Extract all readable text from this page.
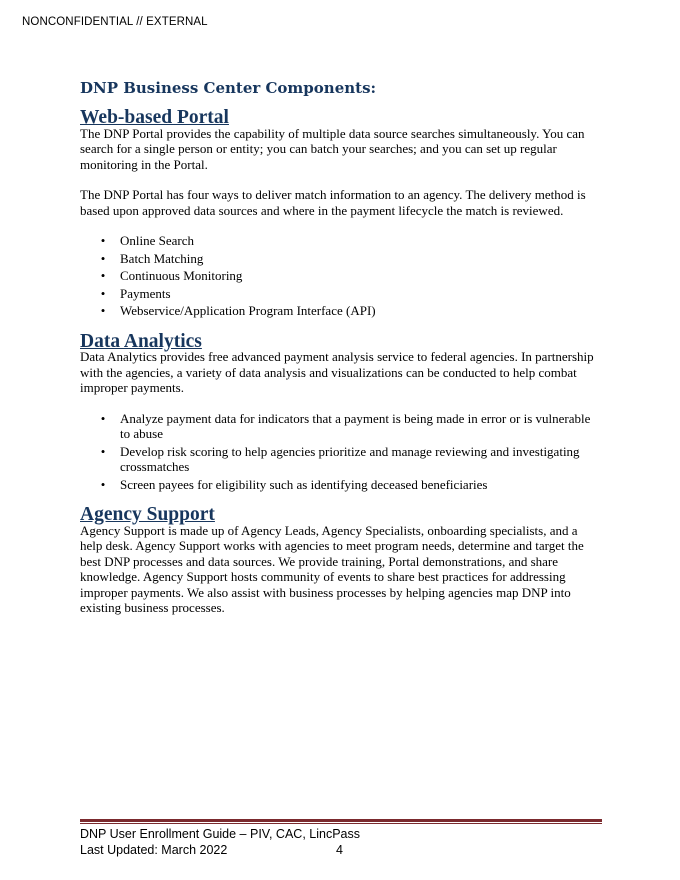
NONCONFIDENTIAL // EXTERNAL
DNP Business Center Components:
Web-based Portal

The DNP Portal provides the capability of multiple data source searches simultaneously. You can search for a single person or entity; you can batch your searches; and you can set up regular monitoring in the Portal.

The DNP Portal has four ways to deliver match information to an agency. The delivery method is based upon approved data sources and where in the payment lifecycle the match is reviewed.

• Online Search
• Batch Matching
• Continuous Monitoring
• Payments
• Webservice/Application Program Interface (API)
Data Analytics

Data Analytics provides free advanced payment analysis service to federal agencies. In partnership with the agencies, a variety of data analysis and visualizations can be conducted to help combat improper payments.

• Analyze payment data for indicators that a payment is being made in error or is vulnerable to abuse
• Develop risk scoring to help agencies prioritize and manage reviewing and investigating crossmatches
• Screen payees for eligibility such as identifying deceased beneficiaries
Agency Support

Agency Support is made up of Agency Leads, Agency Specialists, onboarding specialists, and a help desk. Agency Support works with agencies to meet program needs, determine and target the best DNP processes and data sources. We provide training, Portal demonstrations, and share knowledge. Agency Support hosts community of events to share best practices for addressing improper payments. We also assist with business processes by helping agencies map DNP into existing business processes.

DNP User Enrollment Guide – PIV, CAC, LincPass
Last Updated: March 2022	4
